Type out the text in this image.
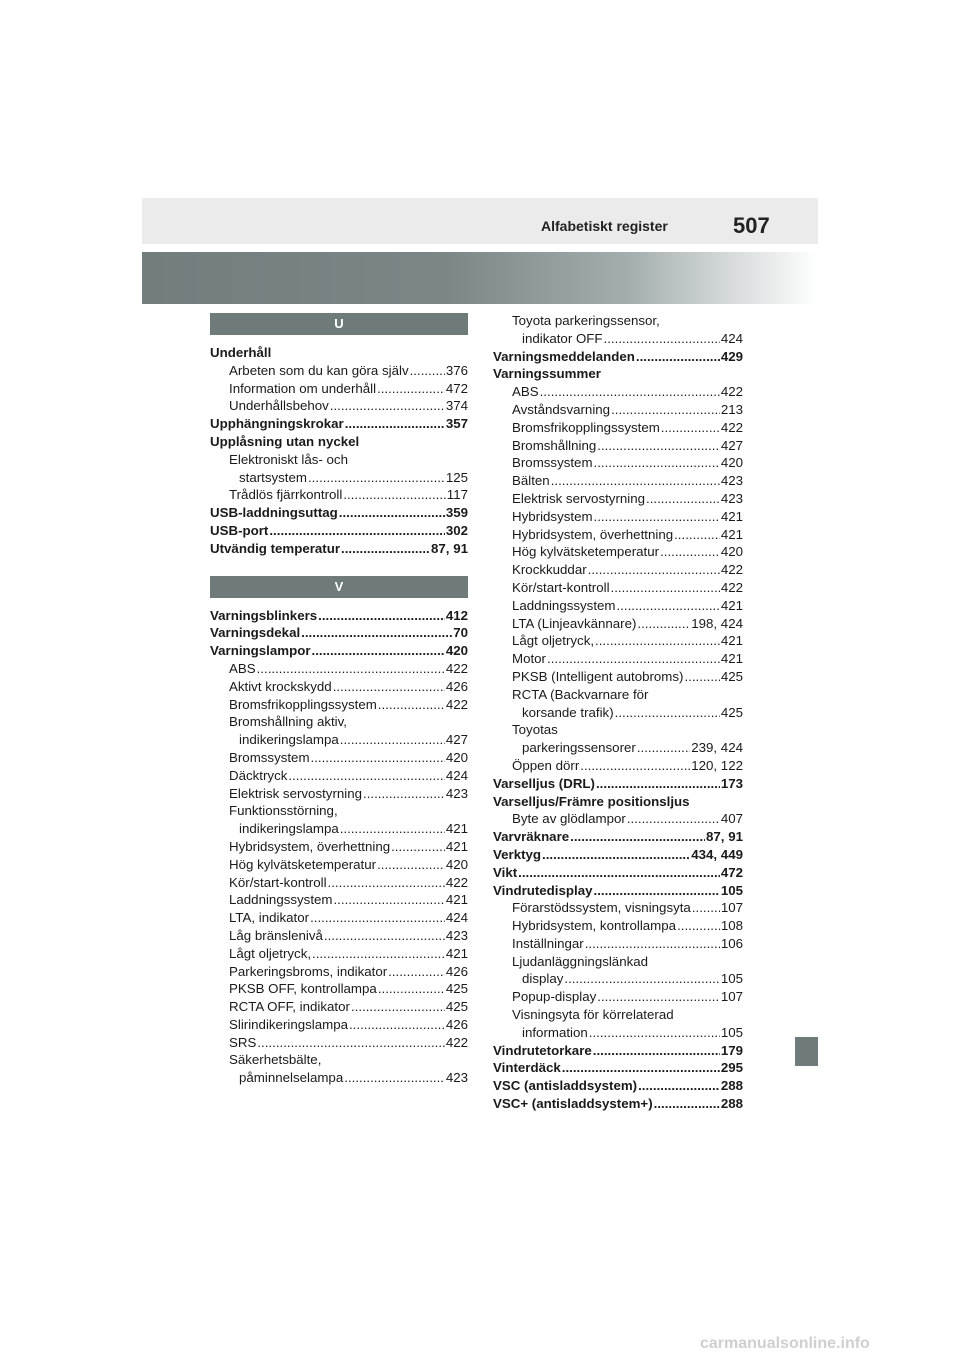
Alfabetiskt register	507
U
Underhåll
Arbeten som du kan göra själv .....	376
Information om underhåll .....	472
Underhållsbehov .....	374
Upphängningskrokar .....	357
Upplåsning utan nyckel
Elektroniskt lås- och
startsystem .....	125
Trådlös fjärrkontroll .....	117
USB-laddningsuttag .....	359
USB-port .....	302
Utvändig temperatur .....	87, 91
V
Varningsblinkers .....	412
Varningsdekal .....	70
Varningslampor .....	420
ABS .....	422
Aktivt krockskydd .....	426
Bromsfrikopplingssystem .....	422
Bromshållning aktiv,
indikeringslampa .....	427
Bromssystem .....	420
Däcktryck .....	424
Elektrisk servostyrning .....	423
Funktionsstörning,
indikeringslampa .....	421
Hybridsystem, överhettning .....	421
Hög kylvätsketemperatur .....	420
Kör/start-kontroll .....	422
Laddningssystem .....	421
LTA, indikator .....	424
Låg bränslenivå .....	423
Lågt oljetryck, .....	421
Parkeringsbroms, indikator .....	426
PKSB OFF, kontrollampa .....	425
RCTA OFF, indikator .....	425
Slirindikeringslampa .....	426
SRS .....	422
Säkerhetsbälte,
påminnelselampa .....	423
Toyota parkeringssensor,
indikator OFF .....	424
Varningsmeddelanden .....	429
Varningssummer
ABS .....	422
Avståndsvarning .....	213
Bromsfrikopplingssystem .....	422
Bromshållning .....	427
Bromssystem .....	420
Bälten .....	423
Elektrisk servostyrning .....	423
Hybridsystem .....	421
Hybridsystem, överhettning .....	421
Hög kylvätsketemperatur .....	420
Krockkuddar .....	422
Kör/start-kontroll .....	422
Laddningssystem .....	421
LTA (Linjeavkännare) .....	198, 424
Lågt oljetryck, .....	421
Motor .....	421
PKSB (Intelligent autobroms) .....	425
RCTA (Backvarnare för
korsande trafik) .....	425
Toyotas
parkeringssensorer .....	239, 424
Öppen dörr .....	120, 122
Varselljus (DRL) .....	173
Varselljus/Främre positionsljus
Byte av glödlampor .....	407
Varvräknare .....	87, 91
Verktyg .....	434, 449
Vikt .....	472
Vindrutedisplay .....	105
Förarstödssystem, visningsyta ..... 107
Hybridsystem, kontrollampa .....	108
Inställningar .....	106
Ljudanläggningslänkad
display .....	105
Popup-display .....	107
Visningsyta för körrelaterad
information .....	105
Vindrutetorkare .....	179
Vinterdäck .....	295
VSC (antisladdsystem) .....	288
VSC+ (antisladdsystem+) .....	288
carmanualsonline.info
